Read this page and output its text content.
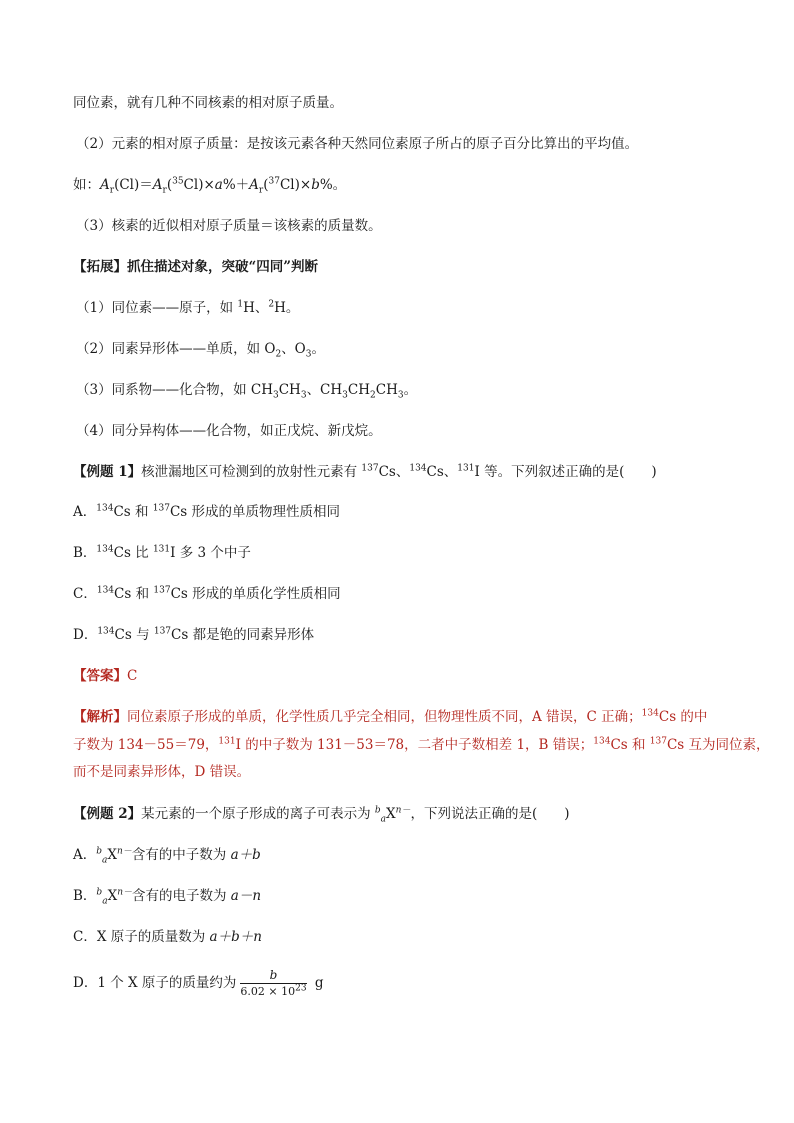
同位素，就有几种不同核素的相对原子质量。
（2）元素的相对原子质量：是按该元素各种天然同位素原子所占的原子百分比算出的平均值。
如：$A_r(Cl)=A_r(^{35}Cl)\times a\%+A_r(^{37}Cl)\times b\%$。
（3）核素的近似相对原子质量＝该核素的质量数。
【拓展】抓住描述对象，突破“四同”判断
（1）同位素——原子，如 $^1$H、$^2$H。
（2）同素异形体——单质，如 $O_2$、$O_3$。
（3）同系物——化合物，如 $CH_3CH_3$、$CH_3CH_2CH_3$。
（4）同分异构体——化合物，如正戊烷、新戊烷。
【例题 1】核泄漏地区可检测到的放射性元素有 $^{137}$Cs、$^{134}$Cs、$^{131}$I 等。下列叙述正确的是(　　)
A．$^{134}$Cs 和 $^{137}$Cs 形成的单质物理性质相同
B．$^{134}$Cs 比 $^{131}$I 多 3 个中子
C．$^{134}$Cs 和 $^{137}$Cs 形成的单质化学性质相同
D．$^{134}$Cs 与 $^{137}$Cs 都是铯的同素异形体
【答案】C
【解析】同位素原子形成的单质，化学性质几乎完全相同，但物理性质不同，A 错误，C 正确；$^{134}$Cs 的中
子数为 134－55＝79，$^{131}$I 的中子数为 131－53＝78，二者中子数相差 1，B 错误；$^{134}$Cs 和 $^{137}$Cs 互为同位素，
而不是同素异形体，D 错误。
【例题 2】某元素的一个原子形成的离子可表示为 $^b_aX^{n-}$，下列说法正确的是(　　)
A．$^b_aX^{n-}$含有的中子数为 a＋b
B．$^b_aX^{n-}$含有的电子数为 a－n
C．X 原子的质量数为 a＋b＋n
D．1 个 X 原子的质量约为 $\frac{b}{6.02 \times 10^{23}}$ g
